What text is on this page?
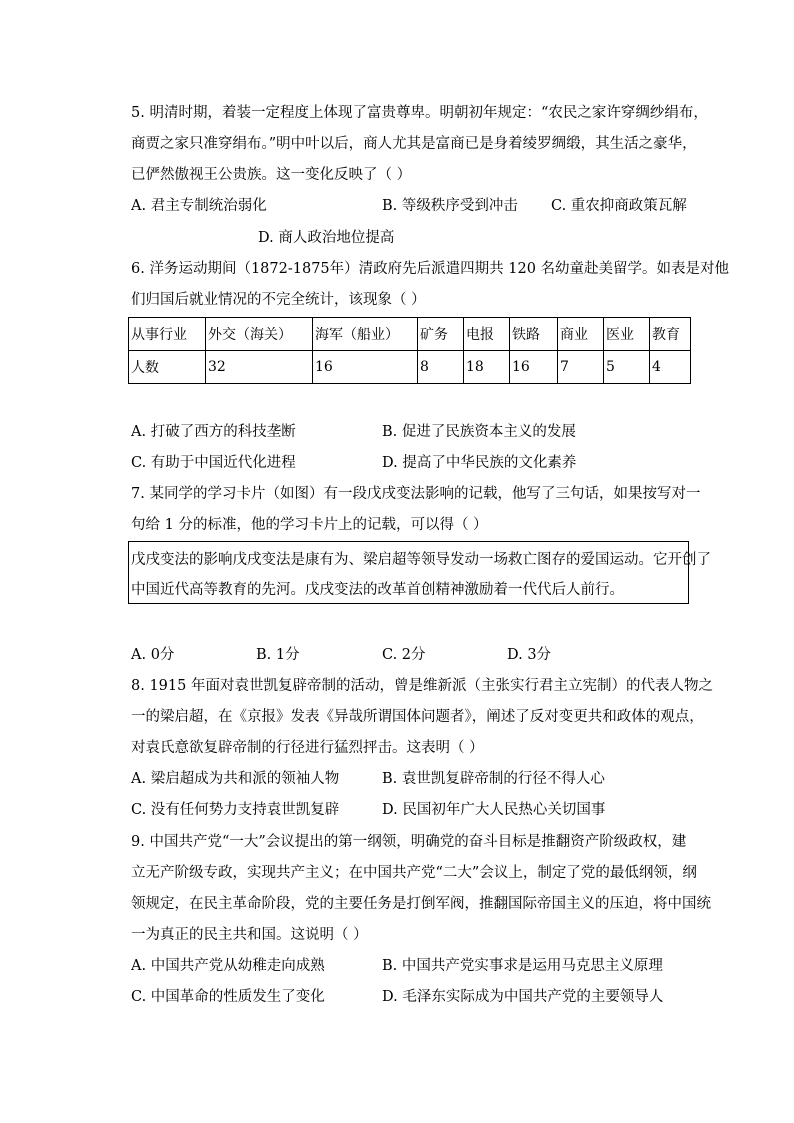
5. 明清时期，着装一定程度上体现了富贵尊卑。明朝初年规定：“农民之家许穿绸纱绢布，
商贾之家只准穿绢布。”明中叶以后，商人尤其是富商已是身着绫罗绸缎，其生活之豪华，
已俨然傲视王公贵族。这一变化反映了（ ）
A. 君主专制统治弱化	B. 等级秩序受到冲击 C. 重农抑商政策瓦解
D. 商人政治地位提高
6. 洋务运动期间（1872-1875年）清政府先后派遣四期共 120 名幼童赴美留学。如表是对他
们归国后就业情况的不完全统计，该现象（ ）
从事行业	外交（海关）	海军（船业）	矿务	电报	铁路	商业	医业	教育
人数	32	16	8	18	16	7	5	4
A. 打破了西方的科技垄断	B. 促进了民族资本主义的发展
C. 有助于中国近代化进程	D. 提高了中华民族的文化素养
7. 某同学的学习卡片（如图）有一段戊戌变法影响的记载，他写了三句话，如果按写对一
句给 1 分的标准，他的学习卡片上的记载，可以得（ ）
戊戌变法的影响戊戌变法是康有为、梁启超等领导发动一场救亡图存的爱国运动。它开创了
中国近代高等教育的先河。戊戌变法的改革首创精神激励着一代代后人前行。
A. 0分	B. 1分	C. 2分	D. 3分
8. 1915 年面对袁世凯复辟帝制的活动，曾是维新派（主张实行君主立宪制）的代表人物之
一的梁启超，在《京报》发表《异哉所谓国体问题者》，阐述了反对变更共和政体的观点，
对袁氏意欲复辟帝制的行径进行猛烈抨击。这表明（ ）
A. 梁启超成为共和派的领袖人物	B. 袁世凯复辟帝制的行径不得人心
C. 没有任何势力支持袁世凯复辟	D. 民国初年广大人民热心关切国事
9. 中国共产党“一大”会议提出的第一纲领，明确党的奋斗目标是推翻资产阶级政权，建
立无产阶级专政，实现共产主义；在中国共产党“二大”会议上，制定了党的最低纲领，纲
领规定，在民主革命阶段，党的主要任务是打倒军阀，推翻国际帝国主义的压迫，将中国统
一为真正的民主共和国。这说明（ ）
A. 中国共产党从幼稚走向成熟	B. 中国共产党实事求是运用马克思主义原理
C. 中国革命的性质发生了变化	D. 毛泽东实际成为中国共产党的主要领导人
